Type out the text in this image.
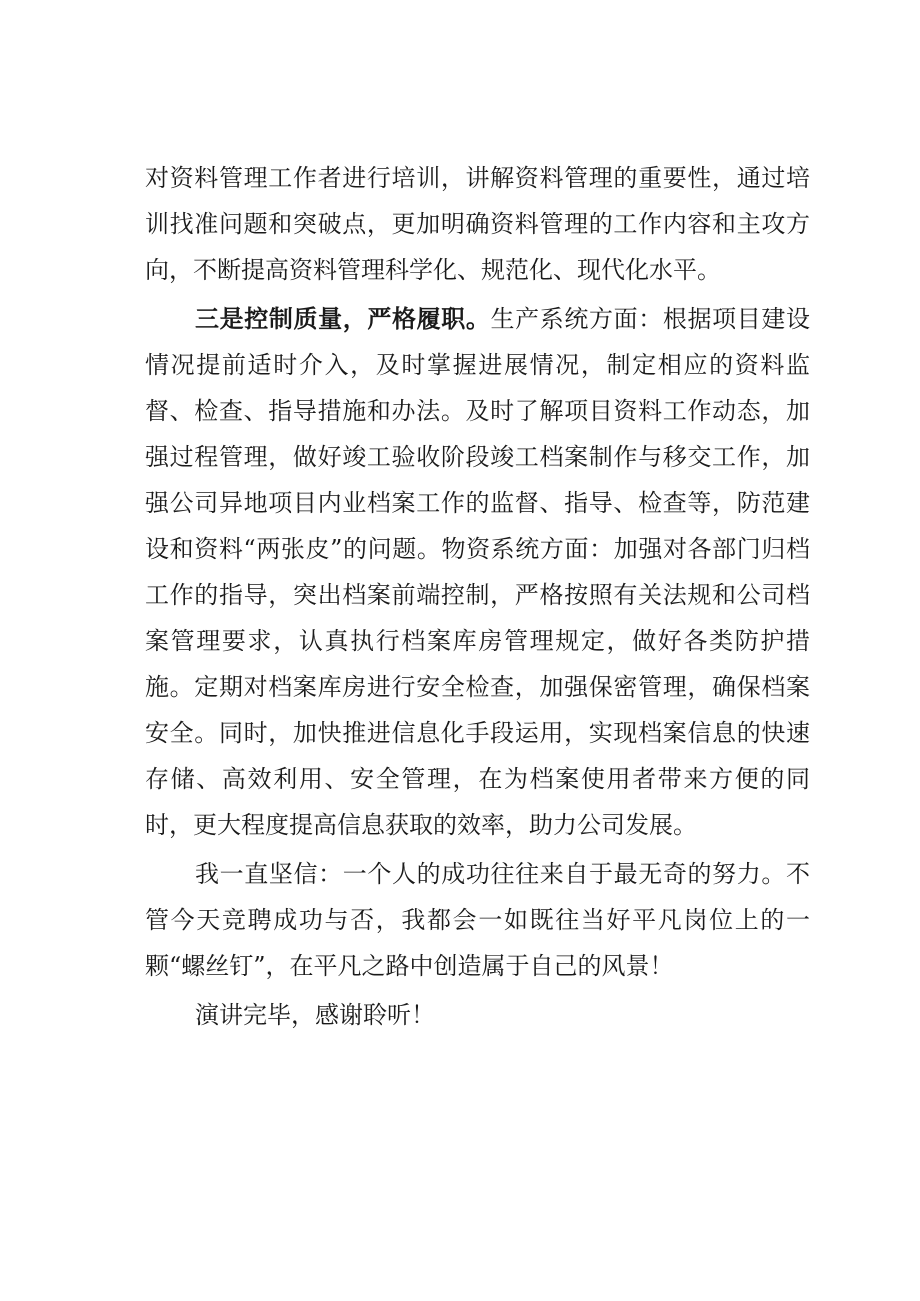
对资料管理工作者进行培训，讲解资料管理的重要性，通过培训找准问题和突破点，更加明确资料管理的工作内容和主攻方向，不断提高资料管理科学化、规范化、现代化水平。

三是控制质量，严格履职。生产系统方面：根据项目建设情况提前适时介入，及时掌握进展情况，制定相应的资料监督、检查、指导措施和办法。及时了解项目资料工作动态，加强过程管理，做好竣工验收阶段竣工档案制作与移交工作，加强公司异地项目内业档案工作的监督、指导、检查等，防范建设和资料“两张皮”的问题。物资系统方面：加强对各部门归档工作的指导，突出档案前端控制，严格按照有关法规和公司档案管理要求，认真执行档案库房管理规定，做好各类防护措施。定期对档案库房进行安全检查，加强保密管理，确保档案安全。同时，加快推进信息化手段运用，实现档案信息的快速存储、高效利用、安全管理，在为档案使用者带来方便的同时，更大程度提高信息获取的效率，助力公司发展。

我一直坚信：一个人的成功往往来自于最无奇的努力。不管今天竞聘成功与否，我都会一如既往当好平凡岗位上的一颗“螺丝钉”，在平凡之路中创造属于自己的风景！

演讲完毕，感谢聆听！
